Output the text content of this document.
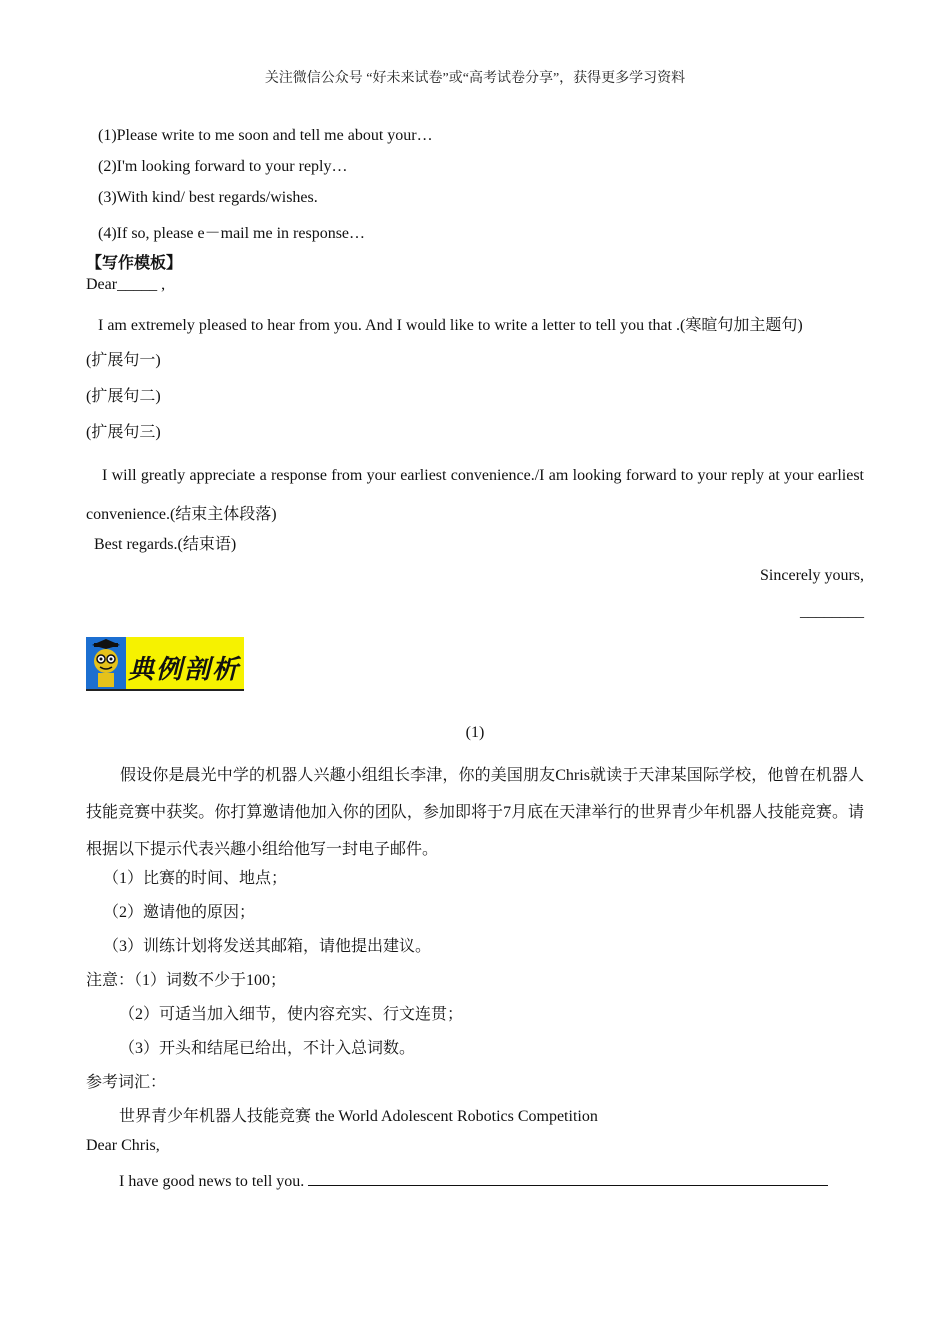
关注微信公众号 “好未来试卷”或“高考试卷分享”，获得更多学习资料
(1)Please write to me soon and tell me about your…
(2)I'm looking forward to your reply…
(3)With kind/ best regards/wishes.
(4)If so, please e－mail me in response…
【写作模板】
Dear_____ ,
I am extremely pleased to hear from you. And I would like to write a letter to tell you that .(寒暄句加主题句)
(扩展句一)
(扩展句二)
(扩展句三)
I will greatly appreciate a response from your earliest convenience./I am looking forward to your reply at your earliest convenience.(结束主体段落)
Best regards.(结束语)
Sincerely yours,
________
典例剖析
(1)
假设你是晨光中学的机器人兴趣小组组长李津，你的美国朋友Chris就读于天津某国际学校，他曾在机器人技能竞赛中获奖。你打算邀请他加入你的团队，参加即将于7月底在天津举行的世界青少年机器人技能竞赛。请根据以下提示代表兴趣小组给他写一封电子邮件。
（1）比赛的时间、地点；
（2）邀请他的原因；
（3）训练计划将发送其邮箱，请他提出建议。
注意：（1）词数不少于100；
（2）可适当加入细节，使内容充实、行文连贯；
（3）开头和结尾已给出，不计入总词数。
参考词汇：
世界青少年机器人技能竞赛 the World Adolescent Robotics Competition
Dear Chris,
I have good news to tell you.
